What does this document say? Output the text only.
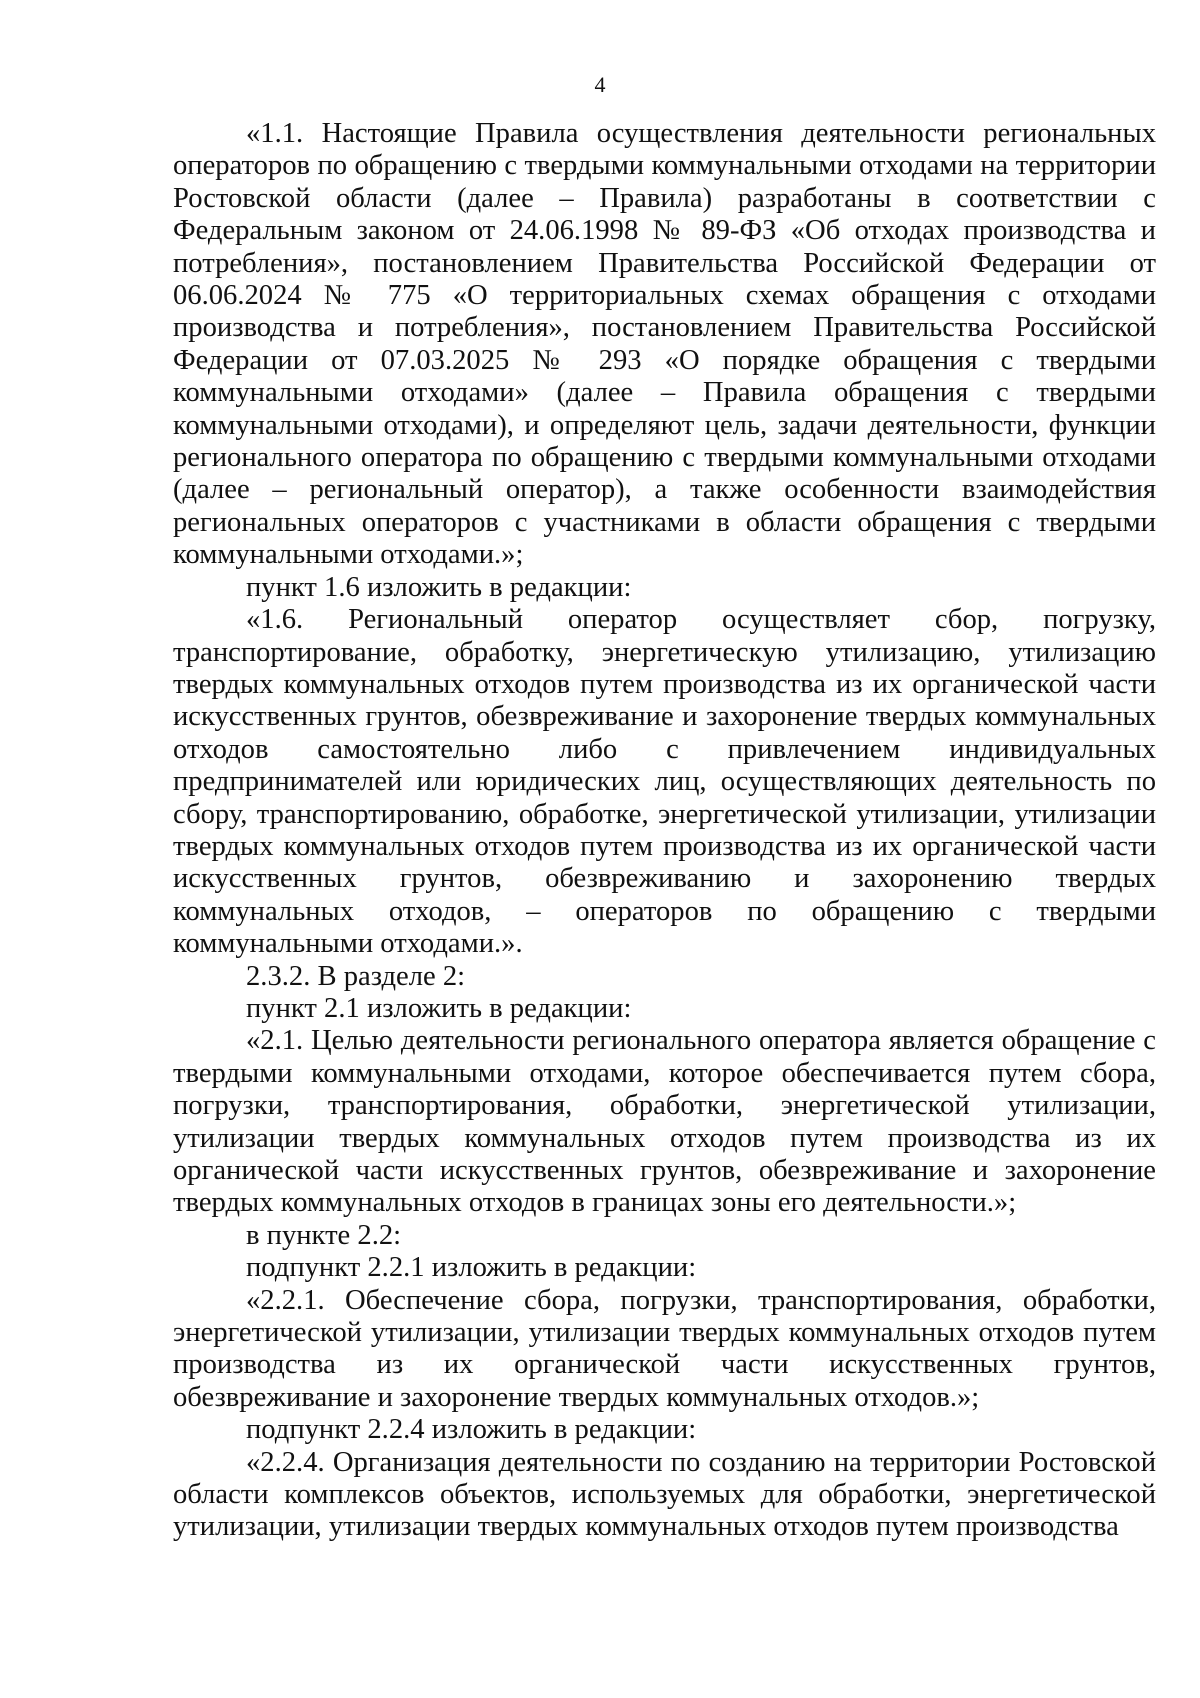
4

«1.1. Настоящие Правила осуществления деятельности региональных операторов по обращению с твердыми коммунальными отходами на территории Ростовской области (далее – Правила) разработаны в соответствии с Федеральным законом от 24.06.1998 № 89-ФЗ «Об отходах производства и потребления», постановлением Правительства Российской Федерации от 06.06.2024 № 775 «О территориальных схемах обращения с отходами производства и потребления», постановлением Правительства Российской Федерации от 07.03.2025 № 293 «О порядке обращения с твердыми коммунальными отходами» (далее – Правила обращения с твердыми коммунальными отходами), и определяют цель, задачи деятельности, функции регионального оператора по обращению с твердыми коммунальными отходами (далее – региональный оператор), а также особенности взаимодействия региональных операторов с участниками в области обращения с твердыми коммунальными отходами.»;

пункт 1.6 изложить в редакции:

«1.6. Региональный оператор осуществляет сбор, погрузку, транспортирование, обработку, энергетическую утилизацию, утилизацию твердых коммунальных отходов путем производства из их органической части искусственных грунтов, обезвреживание и захоронение твердых коммунальных отходов самостоятельно либо с привлечением индивидуальных предпринимателей или юридических лиц, осуществляющих деятельность по сбору, транспортированию, обработке, энергетической утилизации, утилизации твердых коммунальных отходов путем производства из их органической части искусственных грунтов, обезвреживанию и захоронению твердых коммунальных отходов, – операторов по обращению с твердыми коммунальными отходами.».

2.3.2. В разделе 2:

пункт 2.1 изложить в редакции:

«2.1. Целью деятельности регионального оператора является обращение с твердыми коммунальными отходами, которое обеспечивается путем сбора, погрузки, транспортирования, обработки, энергетической утилизации, утилизации твердых коммунальных отходов путем производства из их органической части искусственных грунтов, обезвреживание и захоронение твердых коммунальных отходов в границах зоны его деятельности.»;

в пункте 2.2:

подпункт 2.2.1 изложить в редакции:

«2.2.1. Обеспечение сбора, погрузки, транспортирования, обработки, энергетической утилизации, утилизации твердых коммунальных отходов путем производства из их органической части искусственных грунтов, обезвреживание и захоронение твердых коммунальных отходов.»;

подпункт 2.2.4 изложить в редакции:

«2.2.4. Организация деятельности по созданию на территории Ростовской области комплексов объектов, используемых для обработки, энергетической утилизации, утилизации твердых коммунальных отходов путем производства
